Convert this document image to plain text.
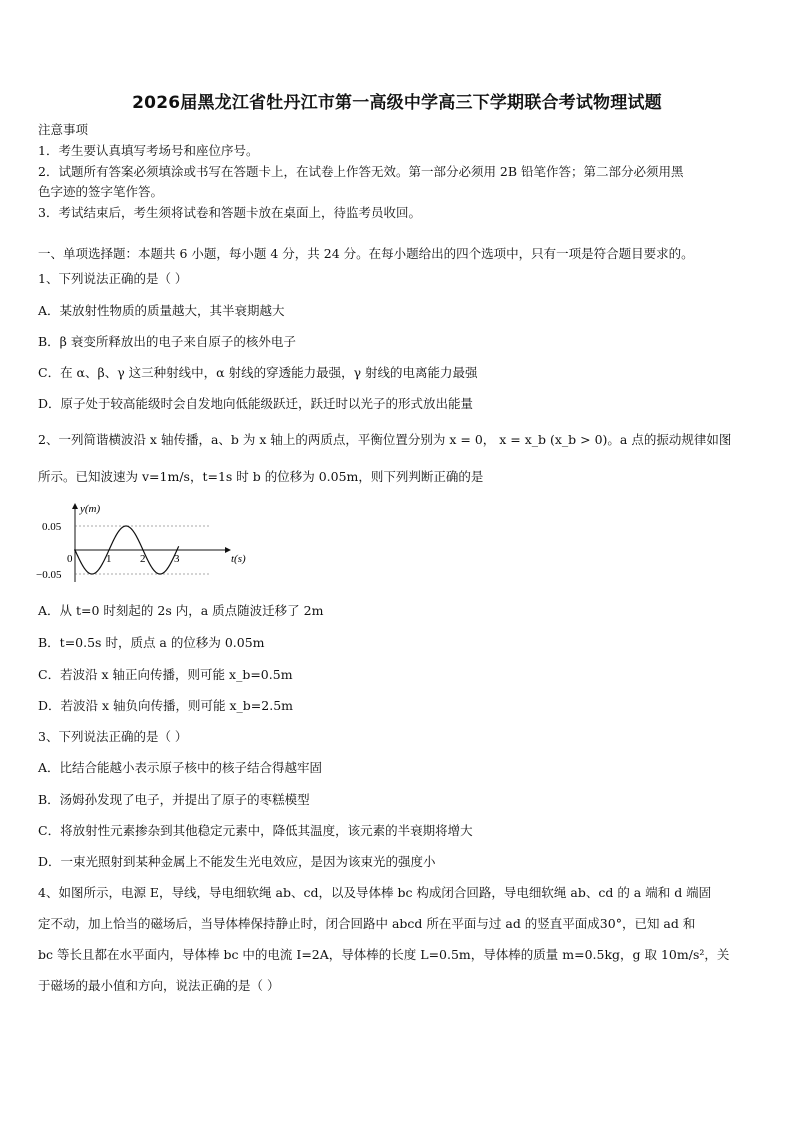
2026届黑龙江省牡丹江市第一高级中学高三下学期联合考试物理试题
注意事项
1．考生要认真填写考场号和座位序号。
2．试题所有答案必须填涂或书写在答题卡上，在试卷上作答无效。第一部分必须用 2B 铅笔作答；第二部分必须用黑
色字迹的签字笔作答。
3．考试结束后，考生须将试卷和答题卡放在桌面上，待监考员收回。
一、单项选择题：本题共 6 小题，每小题 4 分，共 24 分。在每小题给出的四个选项中，只有一项是符合题目要求的。
1、下列说法正确的是（ ）
A．某放射性物质的质量越大，其半衰期越大
B．β 衰变所释放出的电子来自原子的核外电子
C．在 α、β、γ 这三种射线中，α 射线的穿透能力最强，γ 射线的电离能力最强
D．原子处于较高能级时会自发地向低能级跃迁，跃迁时以光子的形式放出能量
2、一列简谐横波沿 x 轴传播，a、b 为 x 轴上的两质点，平衡位置分别为 x = 0， x = x_b (x_b > 0)。a 点的振动规律如图
所示。已知波速为 v=1m/s，t=1s 时 b 的位移为 0.05m，则下列判断正确的是
y(m)
t(s)
0.05
−0.05
0	1	2	3
A．从 t=0 时刻起的 2s 内，a 质点随波迁移了 2m
B．t=0.5s 时，质点 a 的位移为 0.05m
C．若波沿 x 轴正向传播，则可能 x_b=0.5m
D．若波沿 x 轴负向传播，则可能 x_b=2.5m
3、下列说法正确的是（ ）
A．比结合能越小表示原子核中的核子结合得越牢固
B．汤姆孙发现了电子，并提出了原子的枣糕模型
C．将放射性元素掺杂到其他稳定元素中，降低其温度，该元素的半衰期将增大
D．一束光照射到某种金属上不能发生光电效应，是因为该束光的强度小
4、如图所示，电源 E，导线，导电细软绳 ab、cd，以及导体棒 bc 构成闭合回路，导电细软绳 ab、cd 的 a 端和 d 端固
定不动，加上恰当的磁场后，当导体棒保持静止时，闭合回路中 abcd 所在平面与过 ad 的竖直平面成30°，已知 ad 和
bc 等长且都在水平面内，导体棒 bc 中的电流 I=2A，导体棒的长度 L=0.5m，导体棒的质量 m=0.5kg，g 取 10m/s²，关
于磁场的最小值和方向，说法正确的是（ ）
